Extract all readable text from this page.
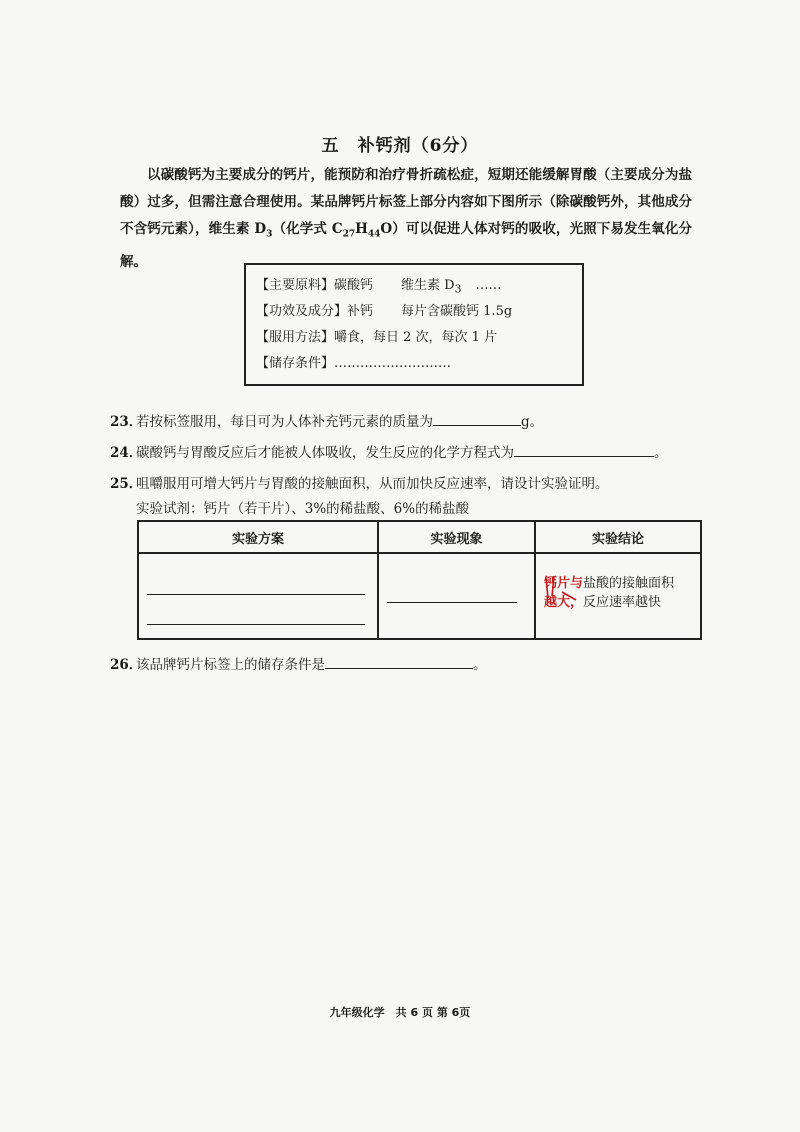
五　补钙剂（6分）
以碳酸钙为主要成分的钙片，能预防和治疗骨折疏松症，短期还能缓解胃酸（主要成分为盐酸）过多，但需注意合理使用。某品牌钙片标签上部分内容如下图所示（除碳酸钙外，其他成分不含钙元素），维生素 $D_3$（化学式 $C_{27}H_{44}O$）可以促进人体对钙的吸收，光照下易发生氧化分解。
【主要原料】碳酸钙 维生素 $D_3$ ……
【功效及成分】补钙 每片含碳酸钙 1.5g
【服用方法】嚼食，每日 2 次，每次 1 片
【储存条件】………………………
23．若按标签服用，每日可为人体补充钙元素的质量为	g。
24．碳酸钙与胃酸反应后才能被人体吸收，发生反应的化学方程式为	。
25．咀嚼服用可增大钙片与胃酸的接触面积，从而加快反应速率，请设计实验证明。
实验试剂：钙片（若干片）、3%的稀盐酸、6%的稀盐酸
实验方案	实验现象	实验结论

		钙片与盐酸的接触面积
越大，反应速率越快
26．该品牌钙片标签上的储存条件是	。
九年级化学　共 6 页 第 6页
